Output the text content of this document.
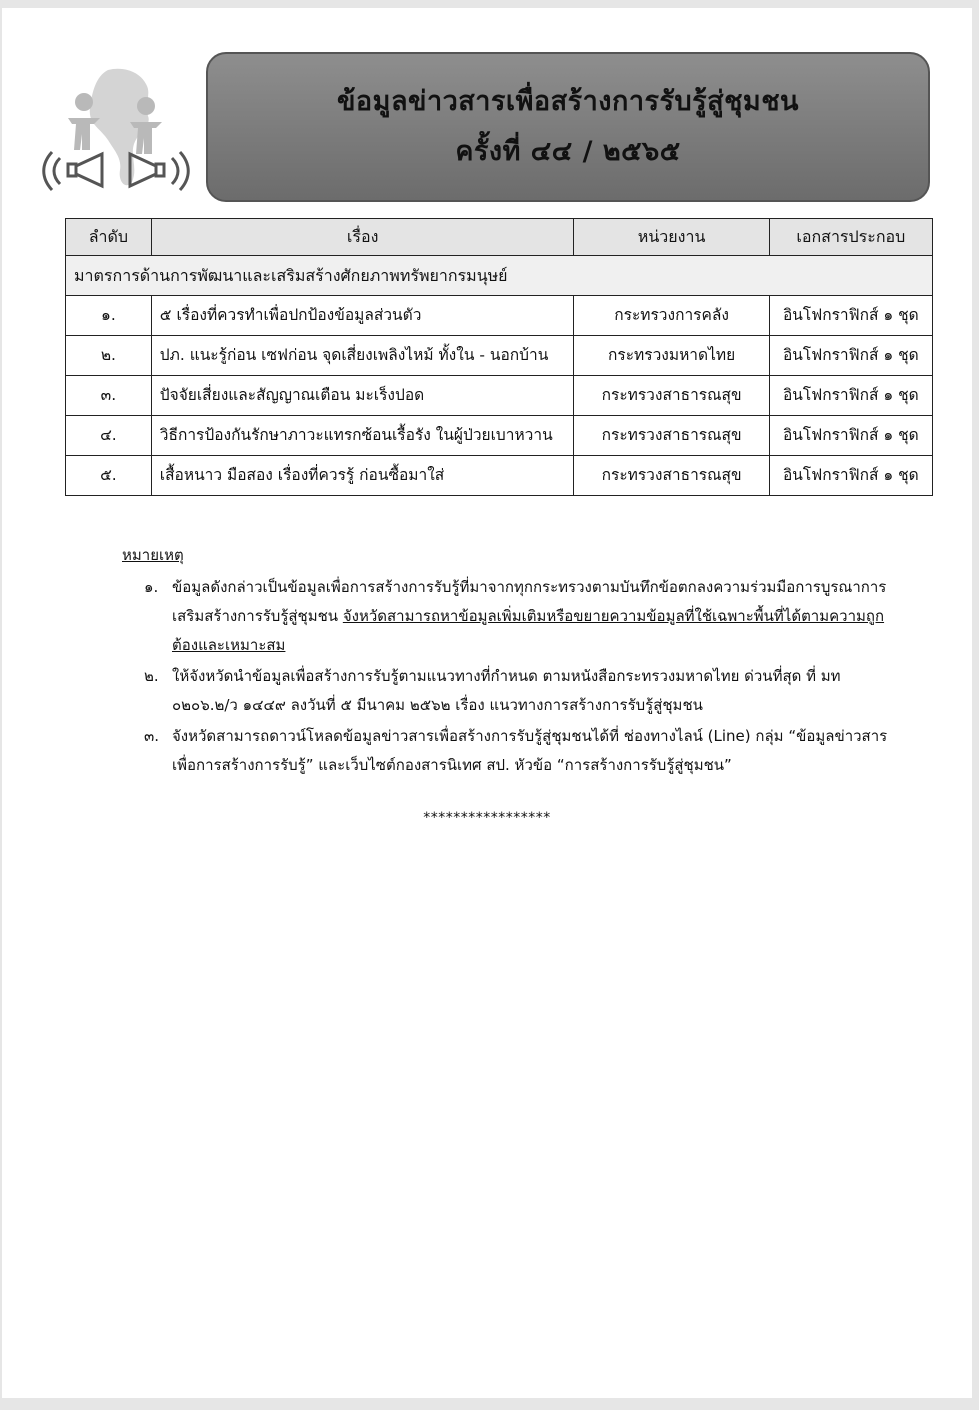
ข้อมูลข่าวสารเพื่อสร้างการรับรู้สู่ชุมชน
ครั้งที่ ๔๔ / ๒๕๖๕
ลำดับ	เรื่อง	หน่วยงาน	เอกสารประกอบ
มาตรการด้านการพัฒนาและเสริมสร้างศักยภาพทรัพยากรมนุษย์			
๑.	๕ เรื่องที่ควรทำเพื่อปกป้องข้อมูลส่วนตัว	กระทรวงการคลัง	อินโฟกราฟิกส์ ๑ ชุด
๒.	ปภ. แนะรู้ก่อน เซฟก่อน จุดเสี่ยงเพลิงไหม้ ทั้งใน - นอกบ้าน	กระทรวงมหาดไทย	อินโฟกราฟิกส์ ๑ ชุด
๓.	ปัจจัยเสี่ยงและสัญญาณเตือน มะเร็งปอด	กระทรวงสาธารณสุข	อินโฟกราฟิกส์ ๑ ชุด
๔.	วิธีการป้องกันรักษาภาวะแทรกซ้อนเรื้อรัง ในผู้ป่วยเบาหวาน	กระทรวงสาธารณสุข	อินโฟกราฟิกส์ ๑ ชุด
๕.	เสื้อหนาว มือสอง เรื่องที่ควรรู้ ก่อนซื้อมาใส่	กระทรวงสาธารณสุข	อินโฟกราฟิกส์ ๑ ชุด
หมายเหตุ
๑. ข้อมูลดังกล่าวเป็นข้อมูลเพื่อการสร้างการรับรู้ที่มาจากทุกกระทรวงตามบันทึกข้อตกลงความร่วมมือการบูรณาการเสริมสร้างการรับรู้สู่ชุมชน จังหวัดสามารถหาข้อมูลเพิ่มเติมหรือขยายความข้อมูลที่ใช้เฉพาะพื้นที่ได้ตามความถูกต้องและเหมาะสม
๒. ให้จังหวัดนำข้อมูลเพื่อสร้างการรับรู้ตามแนวทางที่กำหนด ตามหนังสือกระทรวงมหาดไทย ด่วนที่สุด ที่ มท ๐๒๐๖.๒/ว ๑๔๔๙ ลงวันที่ ๕ มีนาคม ๒๕๖๒ เรื่อง แนวทางการสร้างการรับรู้สู่ชุมชน
๓. จังหวัดสามารถดาวน์โหลดข้อมูลข่าวสารเพื่อสร้างการรับรู้สู่ชุมชนได้ที่ ช่องทางไลน์ (Line) กลุ่ม “ข้อมูลข่าวสารเพื่อการสร้างการรับรู้” และเว็บไซต์กองสารนิเทศ สป. หัวข้อ “การสร้างการรับรู้สู่ชุมชน”
*****************
